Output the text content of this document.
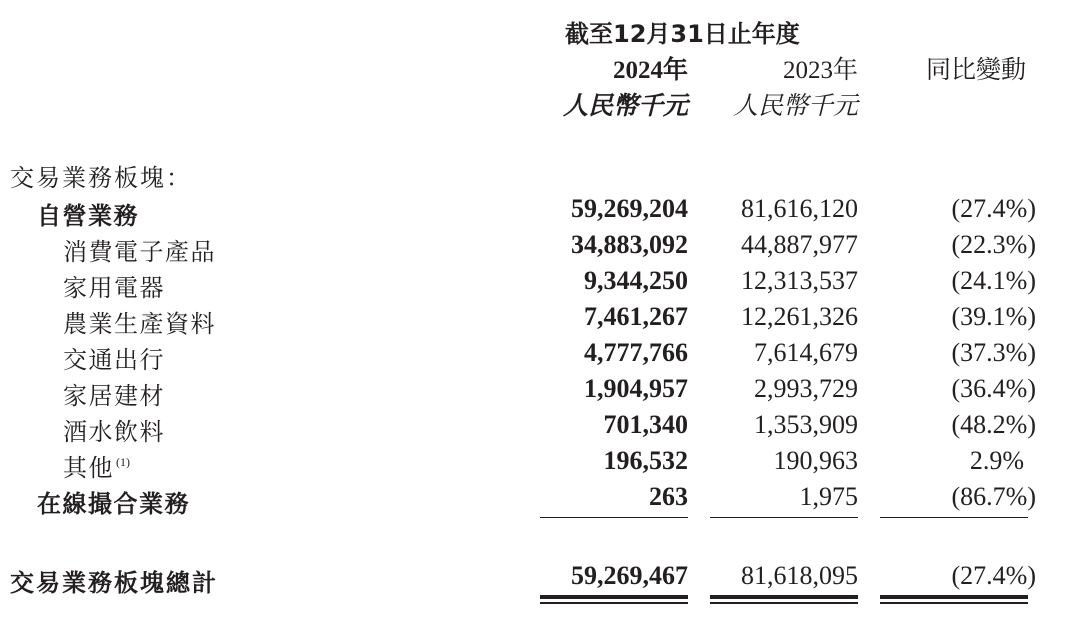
截至12月31日止年度
2024年	2023年	同比變動
人民幣千元 人民幣千元
交易業務板塊：
自營業務	59,269,204 81,616,120	(27.4%)
消費電子產品	34,883,092 44,887,977	(22.3%)
家用電器	9,344,250 12,313,537	(24.1%)
農業生產資料	7,461,267 12,261,326	(39.1%)
交通出行	4,777,766	7,614,679	(37.3%)
家居建材	1,904,957	2,993,729	(36.4%)
酒水飲料	701,340	1,353,909	(48.2%)
其他 $^{(1)}$	196,532	190,963	2.9%
在線撮合業務	263	1,975	(86.7%)
交易業務板塊總計	59,269,467 81,618,095	(27.4%)
